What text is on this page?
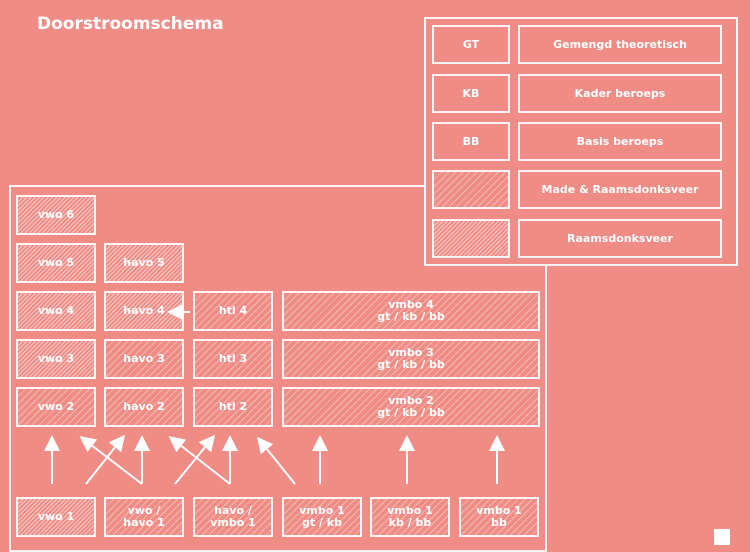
Doorstroomschema
GT	Gemengd theoretisch
KB	Kader beroeps
BB	Basis beroeps
Made & Raamsdonksveer
Raamsdonksveer
vwo 6
vwo 5	havo 5
vwo 4	havo 4	htl 4	vmbo 4
gt / kb / bb
vwo 3	havo 3	htl 3	vmbo 3
gt / kb / bb
vwo 2	havo 2	htl 2	vmbo 2
gt / kb / bb
vwo 1	vwo /
havo 1
havo /
vmbo 1
vmbo 1
gt / kb
vmbo 1
kb / bb
vmbo 1
bb
